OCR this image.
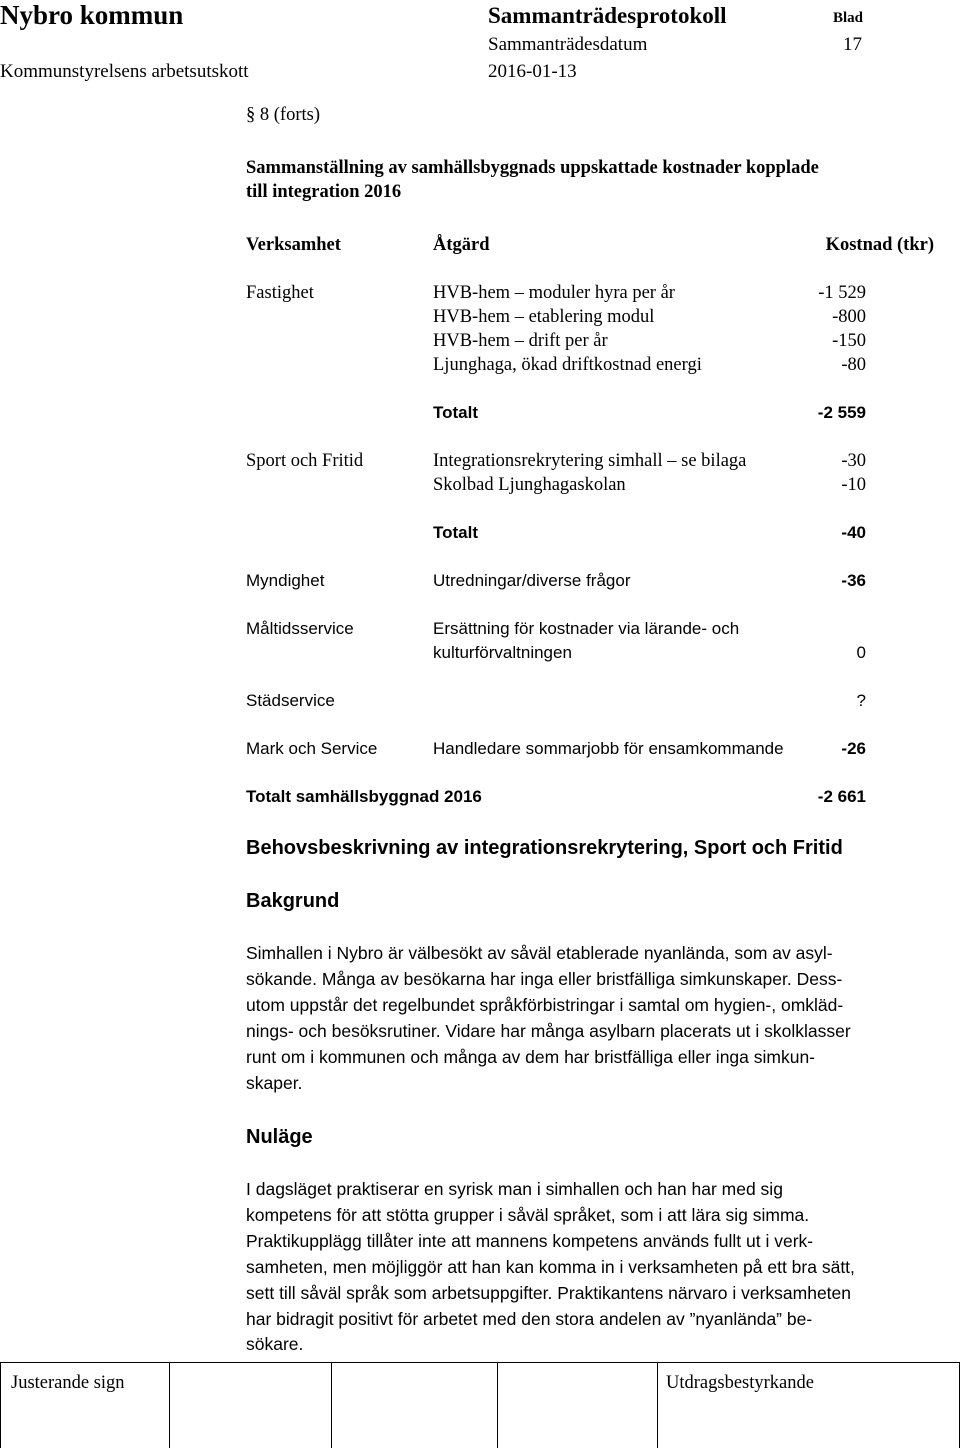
Nybro kommun	Sammanträdesprotokoll	Blad
Sammanträdesdatum	17
Kommunstyrelsens arbetsutskott	2016-01-13
§ 8 (forts)
Sammanställning av samhällsbyggnads uppskattade kostnader kopplade
till integration 2016
Verksamhet	Åtgärd	Kostnad (tkr)
Fastighet	HVB-hem – moduler hyra per år	-1 529
HVB-hem – etablering modul	-800
HVB-hem – drift per år	-150
Ljunghaga, ökad driftkostnad energi	-80
Totalt	-2 559
Sport och Fritid	Integrationsrekrytering simhall – se bilaga	-30
Skolbad Ljunghagaskolan	-10
Totalt	-40
Myndighet	Utredningar/diverse frågor	-36
Måltidsservice	Ersättning för kostnader via lärande- och
kulturförvaltningen	0
Städservice	?
Mark och Service	Handledare sommarjobb för ensamkommande	-26
Totalt samhällsbyggnad 2016	-2 661
Behovsbeskrivning av integrationsrekrytering, Sport och Fritid
Bakgrund
Simhallen i Nybro är välbesökt av såväl etablerade nyanlända, som av asyl-
sökande. Många av besökarna har inga eller bristfälliga simkunskaper. Dess-
utom uppstår det regelbundet språkförbistringar i samtal om hygien-, omkläd-
nings- och besöksrutiner. Vidare har många asylbarn placerats ut i skolklasser
runt om i kommunen och många av dem har bristfälliga eller inga simkun-
skaper.
Nuläge
I dagsläget praktiserar en syrisk man i simhallen och han har med sig
kompetens för att stötta grupper i såväl språket, som i att lära sig simma.
Praktikupplägg tillåter inte att mannens kompetens används fullt ut i verk-
samheten, men möjliggör att han kan komma in i verksamheten på ett bra sätt,
sett till såväl språk som arbetsuppgifter. Praktikantens närvaro i verksamheten
har bidragit positivt för arbetet med den stora andelen av ”nyanlända” be-
sökare.
Justerande sign	Utdragsbestyrkande
